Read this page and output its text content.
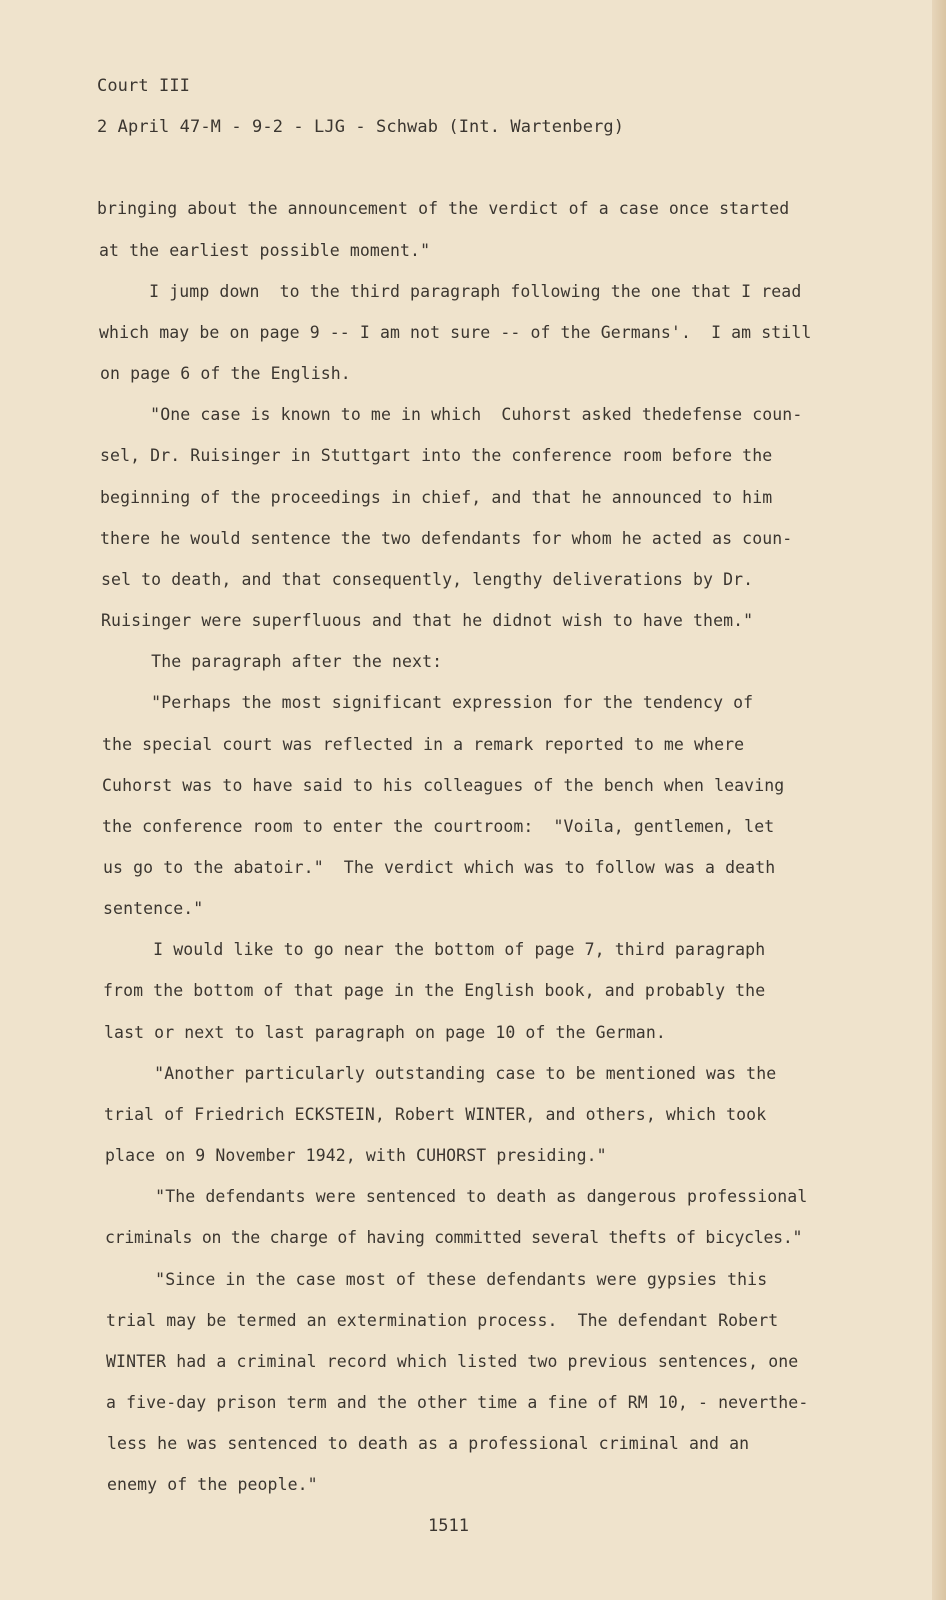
Court III

2 April 47-M - 9-2 - LJG - Schwab (Int. Wartenberg)

bringing about the announcement of the verdict of a case once started

at the earliest possible moment."

I jump down  to the third paragraph following the one that I read

which may be on page 9 -- I am not sure -- of the Germans'.  I am still

on page 6 of the English.

"One case is known to me in which  Cuhorst asked thedefense coun-

sel, Dr. Ruisinger in Stuttgart into the conference room before the

beginning of the proceedings in chief, and that he announced to him

there he would sentence the two defendants for whom he acted as coun-

sel to death, and that consequently, lengthy deliverations by Dr.

Ruisinger were superfluous and that he didnot wish to have them."

The paragraph after the next:

"Perhaps the most significant expression for the tendency of

the special court was reflected in a remark reported to me where

Cuhorst was to have said to his colleagues of the bench when leaving

the conference room to enter the courtroom:  "Voila, gentlemen, let

us go to the abatoir."  The verdict which was to follow was a death

sentence."

I would like to go near the bottom of page 7, third paragraph

from the bottom of that page in the English book, and probably the

last or next to last paragraph on page 10 of the German.

"Another particularly outstanding case to be mentioned was the

trial of Friedrich ECKSTEIN, Robert WINTER, and others, which took

place on 9 November 1942, with CUHORST presiding."

"The defendants were sentenced to death as dangerous professional

criminals on the charge of having committed several thefts of bicycles."

"Since in the case most of these defendants were gypsies this

trial may be termed an extermination process.  The defendant Robert

WINTER had a criminal record which listed two previous sentences, one

a five-day prison term and the other time a fine of RM 10, - neverthe-

less he was sentenced to death as a professional criminal and an

enemy of the people."

1511
